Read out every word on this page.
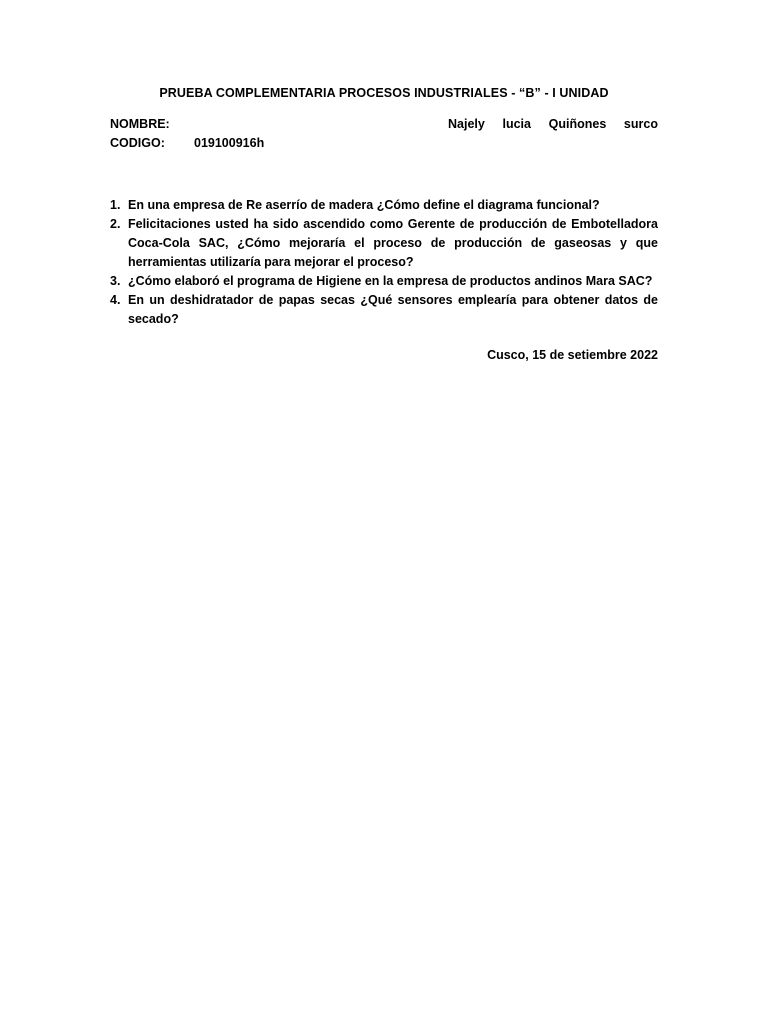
PRUEBA COMPLEMENTARIA PROCESOS INDUSTRIALES - “B” - I UNIDAD
NOMBRE:	Najely lucia Quiñones surco
CODIGO: 019100916h
1. En una empresa de Re aserrío de madera ¿Cómo define el diagrama funcional?
2. Felicitaciones usted ha sido ascendido como Gerente de producción de Embotelladora Coca-Cola SAC, ¿Cómo mejoraría el proceso de producción de gaseosas y que herramientas utilizaría para mejorar el proceso?
3. ¿Cómo elaboró el programa de Higiene en la empresa de productos andinos Mara SAC?
4. En un deshidratador de papas secas ¿Qué sensores emplearía para obtener datos de secado?
Cusco, 15 de setiembre 2022
